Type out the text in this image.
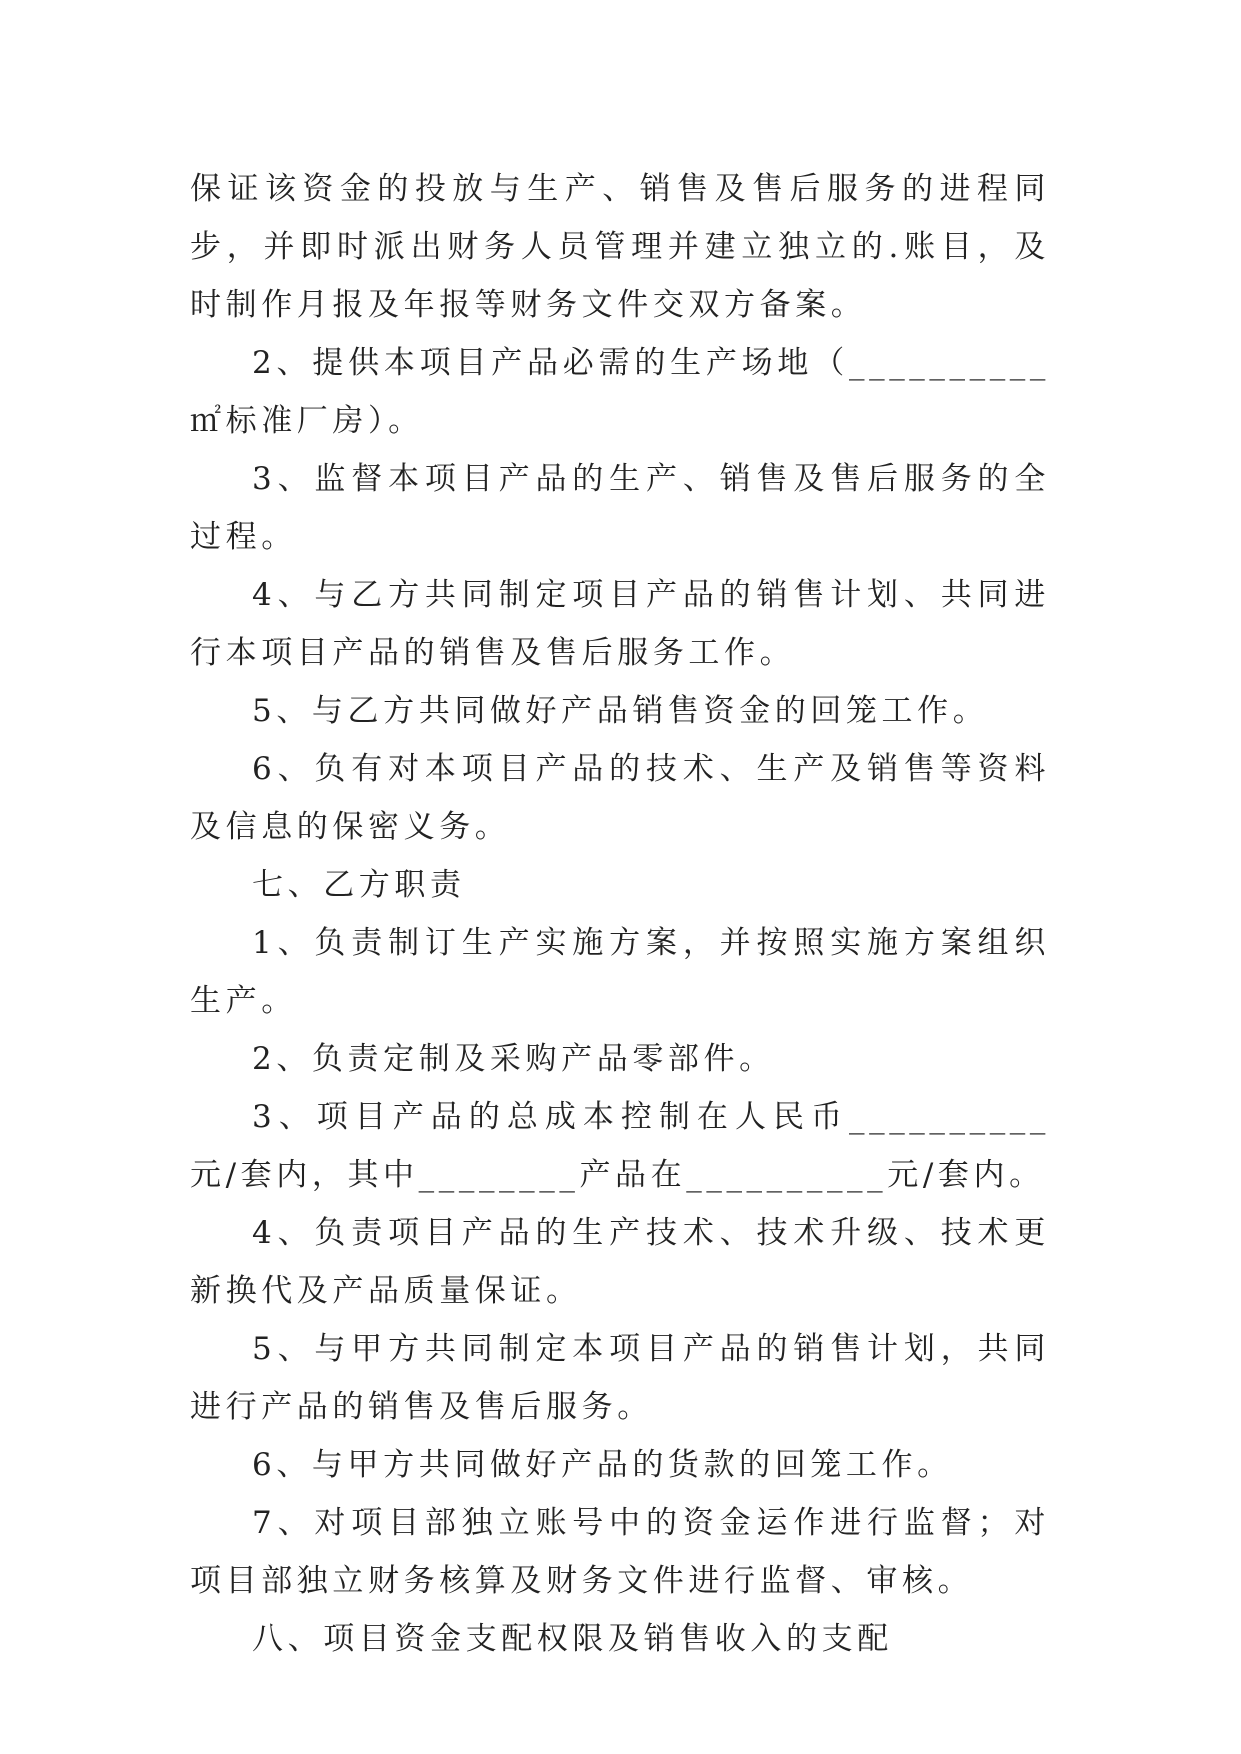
保证该资金的投放与生产、销售及售后服务的进程同步，并即时派出财务人员管理并建立独立的.账目，及时制作月报及年报等财务文件交双方备案。

2、提供本项目产品必需的生产场地（__________㎡标准厂房）。

3、监督本项目产品的生产、销售及售后服务的全过程。

4、与乙方共同制定项目产品的销售计划、共同进行本项目产品的销售及售后服务工作。

5、与乙方共同做好产品销售资金的回笼工作。

6、负有对本项目产品的技术、生产及销售等资料及信息的保密义务。

七、乙方职责

1、负责制订生产实施方案，并按照实施方案组织生产。

2、负责定制及采购产品零部件。

3、项目产品的总成本控制在人民币__________元/套内，其中________产品在__________元/套内。

4、负责项目产品的生产技术、技术升级、技术更新换代及产品质量保证。

5、与甲方共同制定本项目产品的销售计划，共同进行产品的销售及售后服务。

6、与甲方共同做好产品的货款的回笼工作。

7、对项目部独立账号中的资金运作进行监督；对项目部独立财务核算及财务文件进行监督、审核。

八、项目资金支配权限及销售收入的支配
